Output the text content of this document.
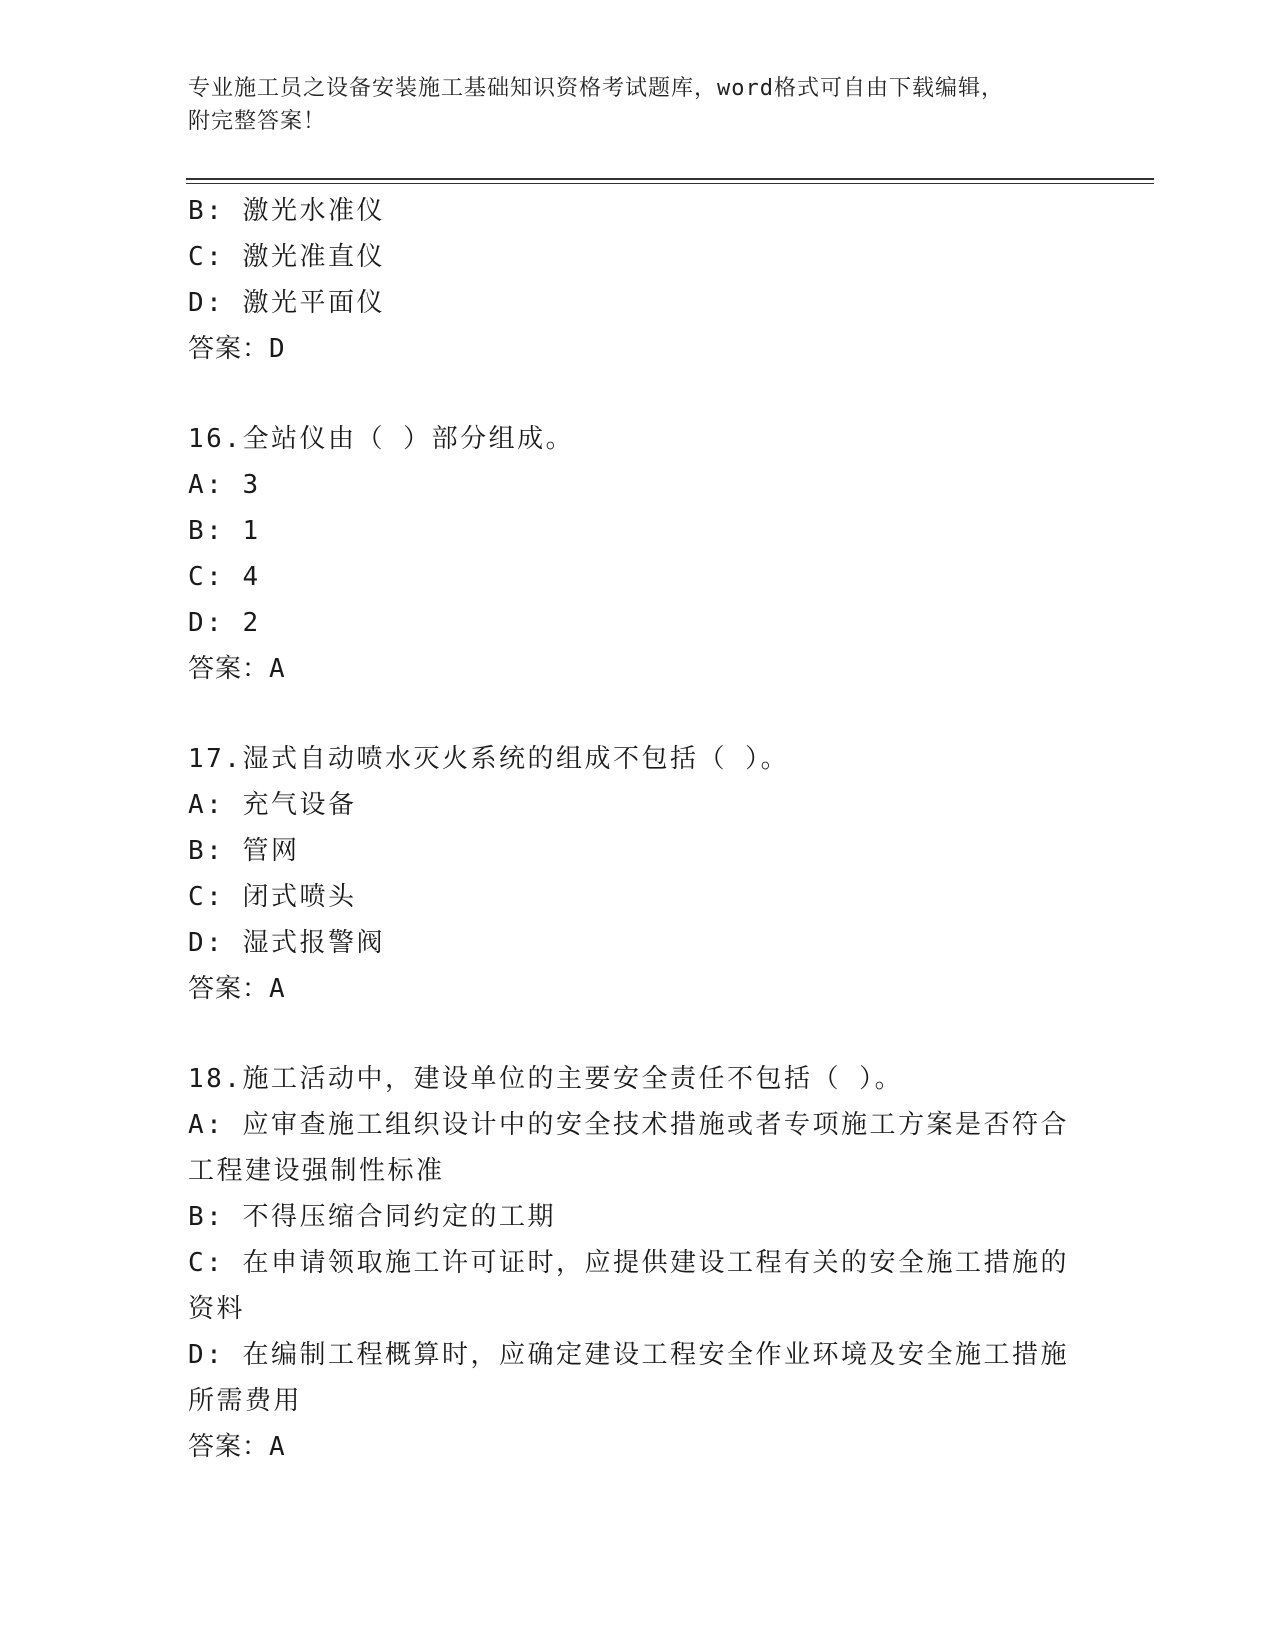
专业施工员之设备安装施工基础知识资格考试题库，word格式可自由下载编辑，
附完整答案！
B: 激光水准仪
C: 激光准直仪
D: 激光平面仪
答案：D
16.全站仪由（ ）部分组成。
A: 3
B: 1
C: 4
D: 2
答案：A
17.湿式自动喷水灭火系统的组成不包括（ ）。
A: 充气设备
B: 管网
C: 闭式喷头
D: 湿式报警阀
答案：A
18.施工活动中，建设单位的主要安全责任不包括（ ）。
A: 应审查施工组织设计中的安全技术措施或者专项施工方案是否符合工程建设强制性标准
B: 不得压缩合同约定的工期
C: 在申请领取施工许可证时，应提供建设工程有关的安全施工措施的资料
D: 在编制工程概算时，应确定建设工程安全作业环境及安全施工措施所需费用
答案：A
